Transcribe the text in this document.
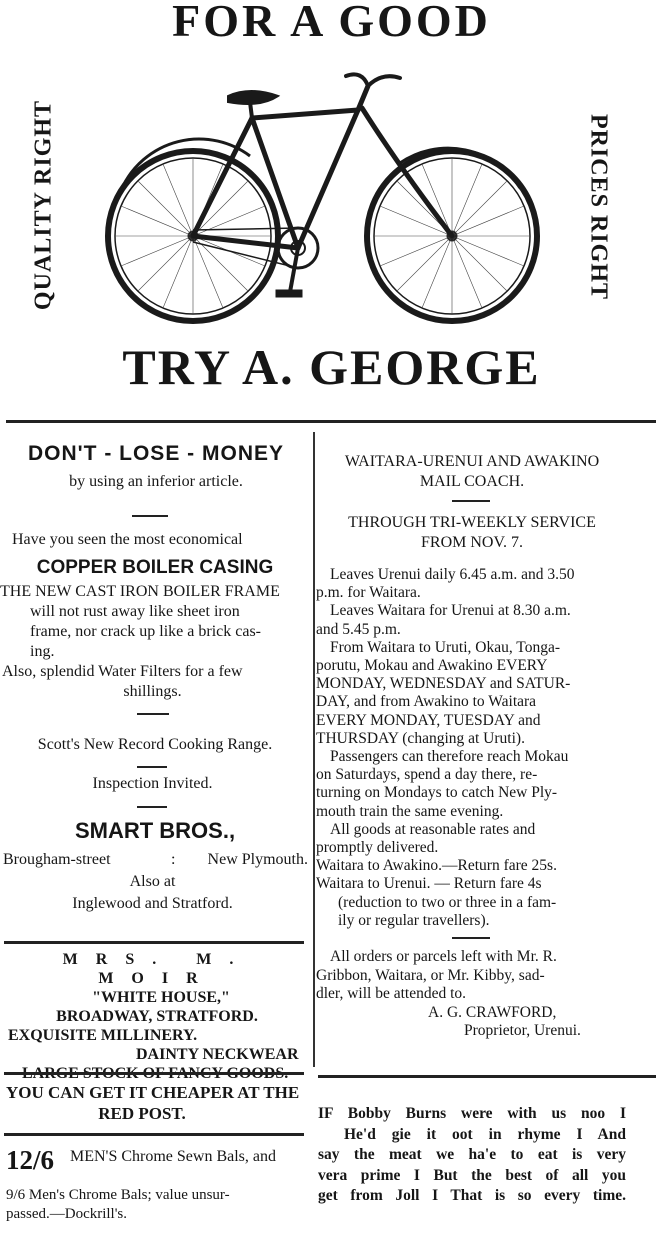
FOR A GOOD
QUALITY RIGHT	PRICES RIGHT
TRY A. GEORGE
DON'T - LOSE - MONEY
by using an inferior article.
Have you seen the most economical
COPPER BOILER CASING
THE NEW CAST IRON BOILER FRAME
will not rust away like sheet iron
frame, nor crack up like a brick cas-
ing.
Also, splendid Water Filters for a few
shillings.
Scott's New Record Cooking Range.
Inspection Invited.
SMART BROS.,
Brougham-street	: New Plymouth.
Also at
Inglewood and Stratford.
MRS. M. MOIR
"WHITE HOUSE,"
BROADWAY, STRATFORD.
EXQUISITE MILLINERY.
DAINTY NECKWEAR
YOU CAN GET IT CHEAPER AT THE
RED POST.
12/6 MEN'S Chrome Sewn Bals, and
9/6 Men's Chrome Bals; value unsur-
passed.—Dockrill's.
WAITARA-URENUI AND AWAKINO
MAIL COACH.
THROUGH TRI-WEEKLY SERVICE
FROM NOV. 7.
Leaves Urenui daily 6.45 a.m. and 3.50
p.m. for Waitara.
Leaves Waitara for Urenui at 8.30 a.m.
and 5.45 p.m.
From Waitara to Uruti, Okau, Tonga-
porutu, Mokau and Awakino EVERY
MONDAY, WEDNESDAY and SATUR-
DAY, and from Awakino to Waitara
EVERY MONDAY, TUESDAY and
THURSDAY (changing at Uruti).
Passengers can therefore reach Mokau
on Saturdays, spend a day there, re-
turning on Mondays to catch New Ply-
mouth train the same evening.
All goods at reasonable rates and
promptly delivered.
Waitara to Awakino.—Return fare 25s.
Waitara to Urenui. — Return fare 4s
(reduction to two or three in a fam-
ily or regular travellers).
All orders or parcels left with Mr. R.
Gribbon, Waitara, or Mr. Kibby, sad-
dler, will be attended to.
A. G. CRAWFORD,
Proprietor, Urenui.
IF Bobby Burns were with us noo I
He'd gie it oot in rhyme I And
say the meat we ha'e to eat is very
vera prime I But the best of all you
get from Joll I That is so every time.
